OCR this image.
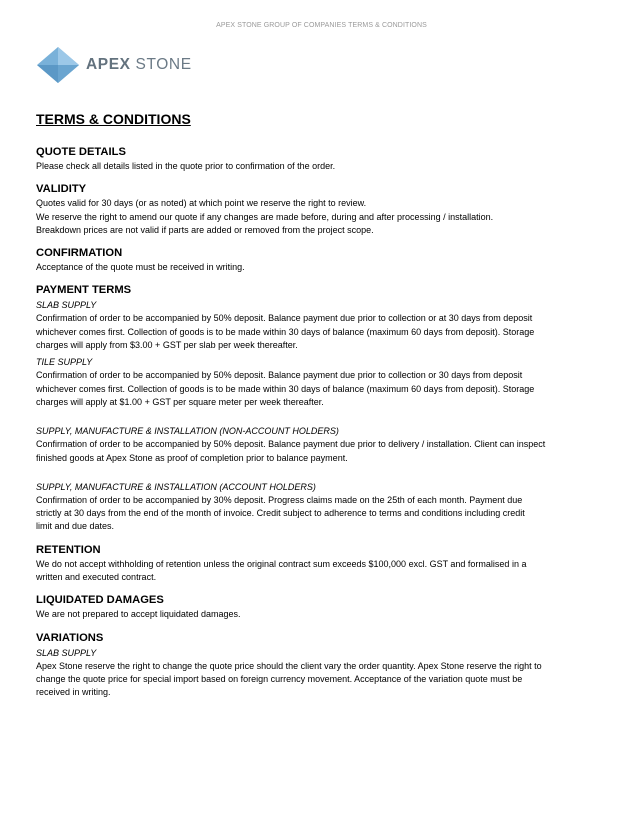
APEX STONE GROUP OF COMPANIES TERMS & CONDITIONS
APEX STONE
TERMS & CONDITIONS
QUOTE DETAILS

Please check all details listed in the quote prior to confirmation of the order.

VALIDITY

Quotes valid for 30 days (or as noted) at which point we reserve the right to review.

We reserve the right to amend our quote if any changes are made before, during and after processing / installation.

Breakdown prices are not valid if parts are added or removed from the project scope.

CONFIRMATION

Acceptance of the quote must be received in writing.

PAYMENT TERMS
SLAB SUPPLY

Confirmation of order to be accompanied by 50% deposit. Balance payment due prior to collection or at 30 days from deposit

whichever comes first. Collection of goods is to be made within 30 days of balance (maximum 60 days from deposit). Storage

charges will apply from $3.00 + GST per slab per week thereafter.

TILE SUPPLY

Confirmation of order to be accompanied by 50% deposit. Balance payment due prior to collection or 30 days from deposit

whichever comes first. Collection of goods is to be made within 30 days of balance (maximum 60 days from deposit). Storage

charges will apply at $1.00 + GST per square meter per week thereafter.

SUPPLY, MANUFACTURE & INSTALLATION (NON-ACCOUNT HOLDERS)

Confirmation of order to be accompanied by 50% deposit. Balance payment due prior to delivery / installation. Client can inspect

finished goods at Apex Stone as proof of completion prior to balance payment.

SUPPLY, MANUFACTURE & INSTALLATION (ACCOUNT HOLDERS)

Confirmation of order to be accompanied by 30% deposit. Progress claims made on the 25th of each month. Payment due

strictly at 30 days from the end of the month of invoice. Credit subject to adherence to terms and conditions including credit

limit and due dates.

RETENTION

We do not accept withholding of retention unless the original contract sum exceeds $100,000 excl. GST and formalised in a

written and executed contract.

LIQUIDATED DAMAGES

We are not prepared to accept liquidated damages.

VARIATIONS
SLAB SUPPLY

Apex Stone reserve the right to change the quote price should the client vary the order quantity. Apex Stone reserve the right to

change the quote price for special import based on foreign currency movement. Acceptance of the variation quote must be

received in writing.
